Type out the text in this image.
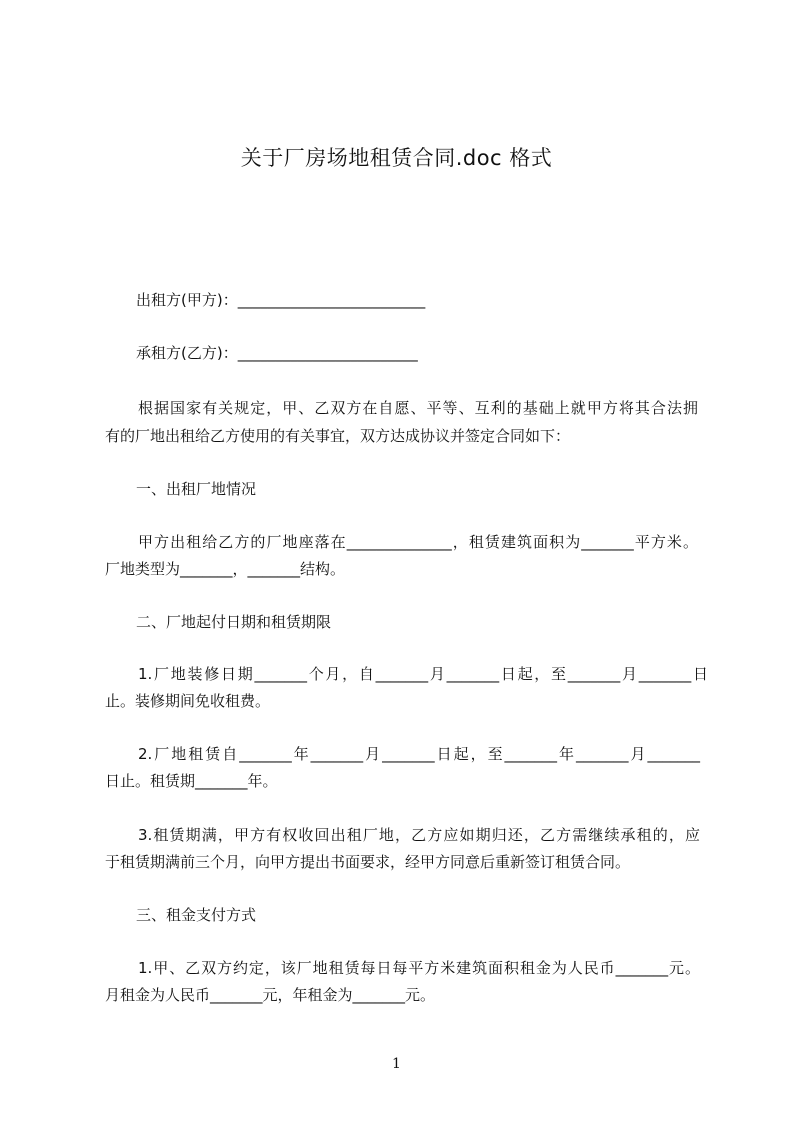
关于厂房场地租赁合同.doc 格式

出租方(甲方)：_________________________

承租方(乙方)：________________________

根据国家有关规定，甲、乙双方在自愿、平等、互利的基础上就甲方将其合法拥

有的厂地出租给乙方使用的有关事宜，双方达成协议并签定合同如下：

一、出租厂地情况

甲方出租给乙方的厂地座落在______________，租赁建筑面积为_______平方米。

厂地类型为_______，_______结构。

二、厂地起付日期和租赁期限

1.厂地装修日期_______个月，自_______月_______日起，至_______月_______日

止。装修期间免收租费。

2.厂地租赁自_______年_______月_______日起，至_______年_______月_______

日止。租赁期_______年。

3.租赁期满，甲方有权收回出租厂地，乙方应如期归还，乙方需继续承租的，应

于租赁期满前三个月，向甲方提出书面要求，经甲方同意后重新签订租赁合同。

三、租金支付方式

1.甲、乙双方约定，该厂地租赁每日每平方米建筑面积租金为人民币_______元。

月租金为人民币_______元，年租金为_______元。

1
